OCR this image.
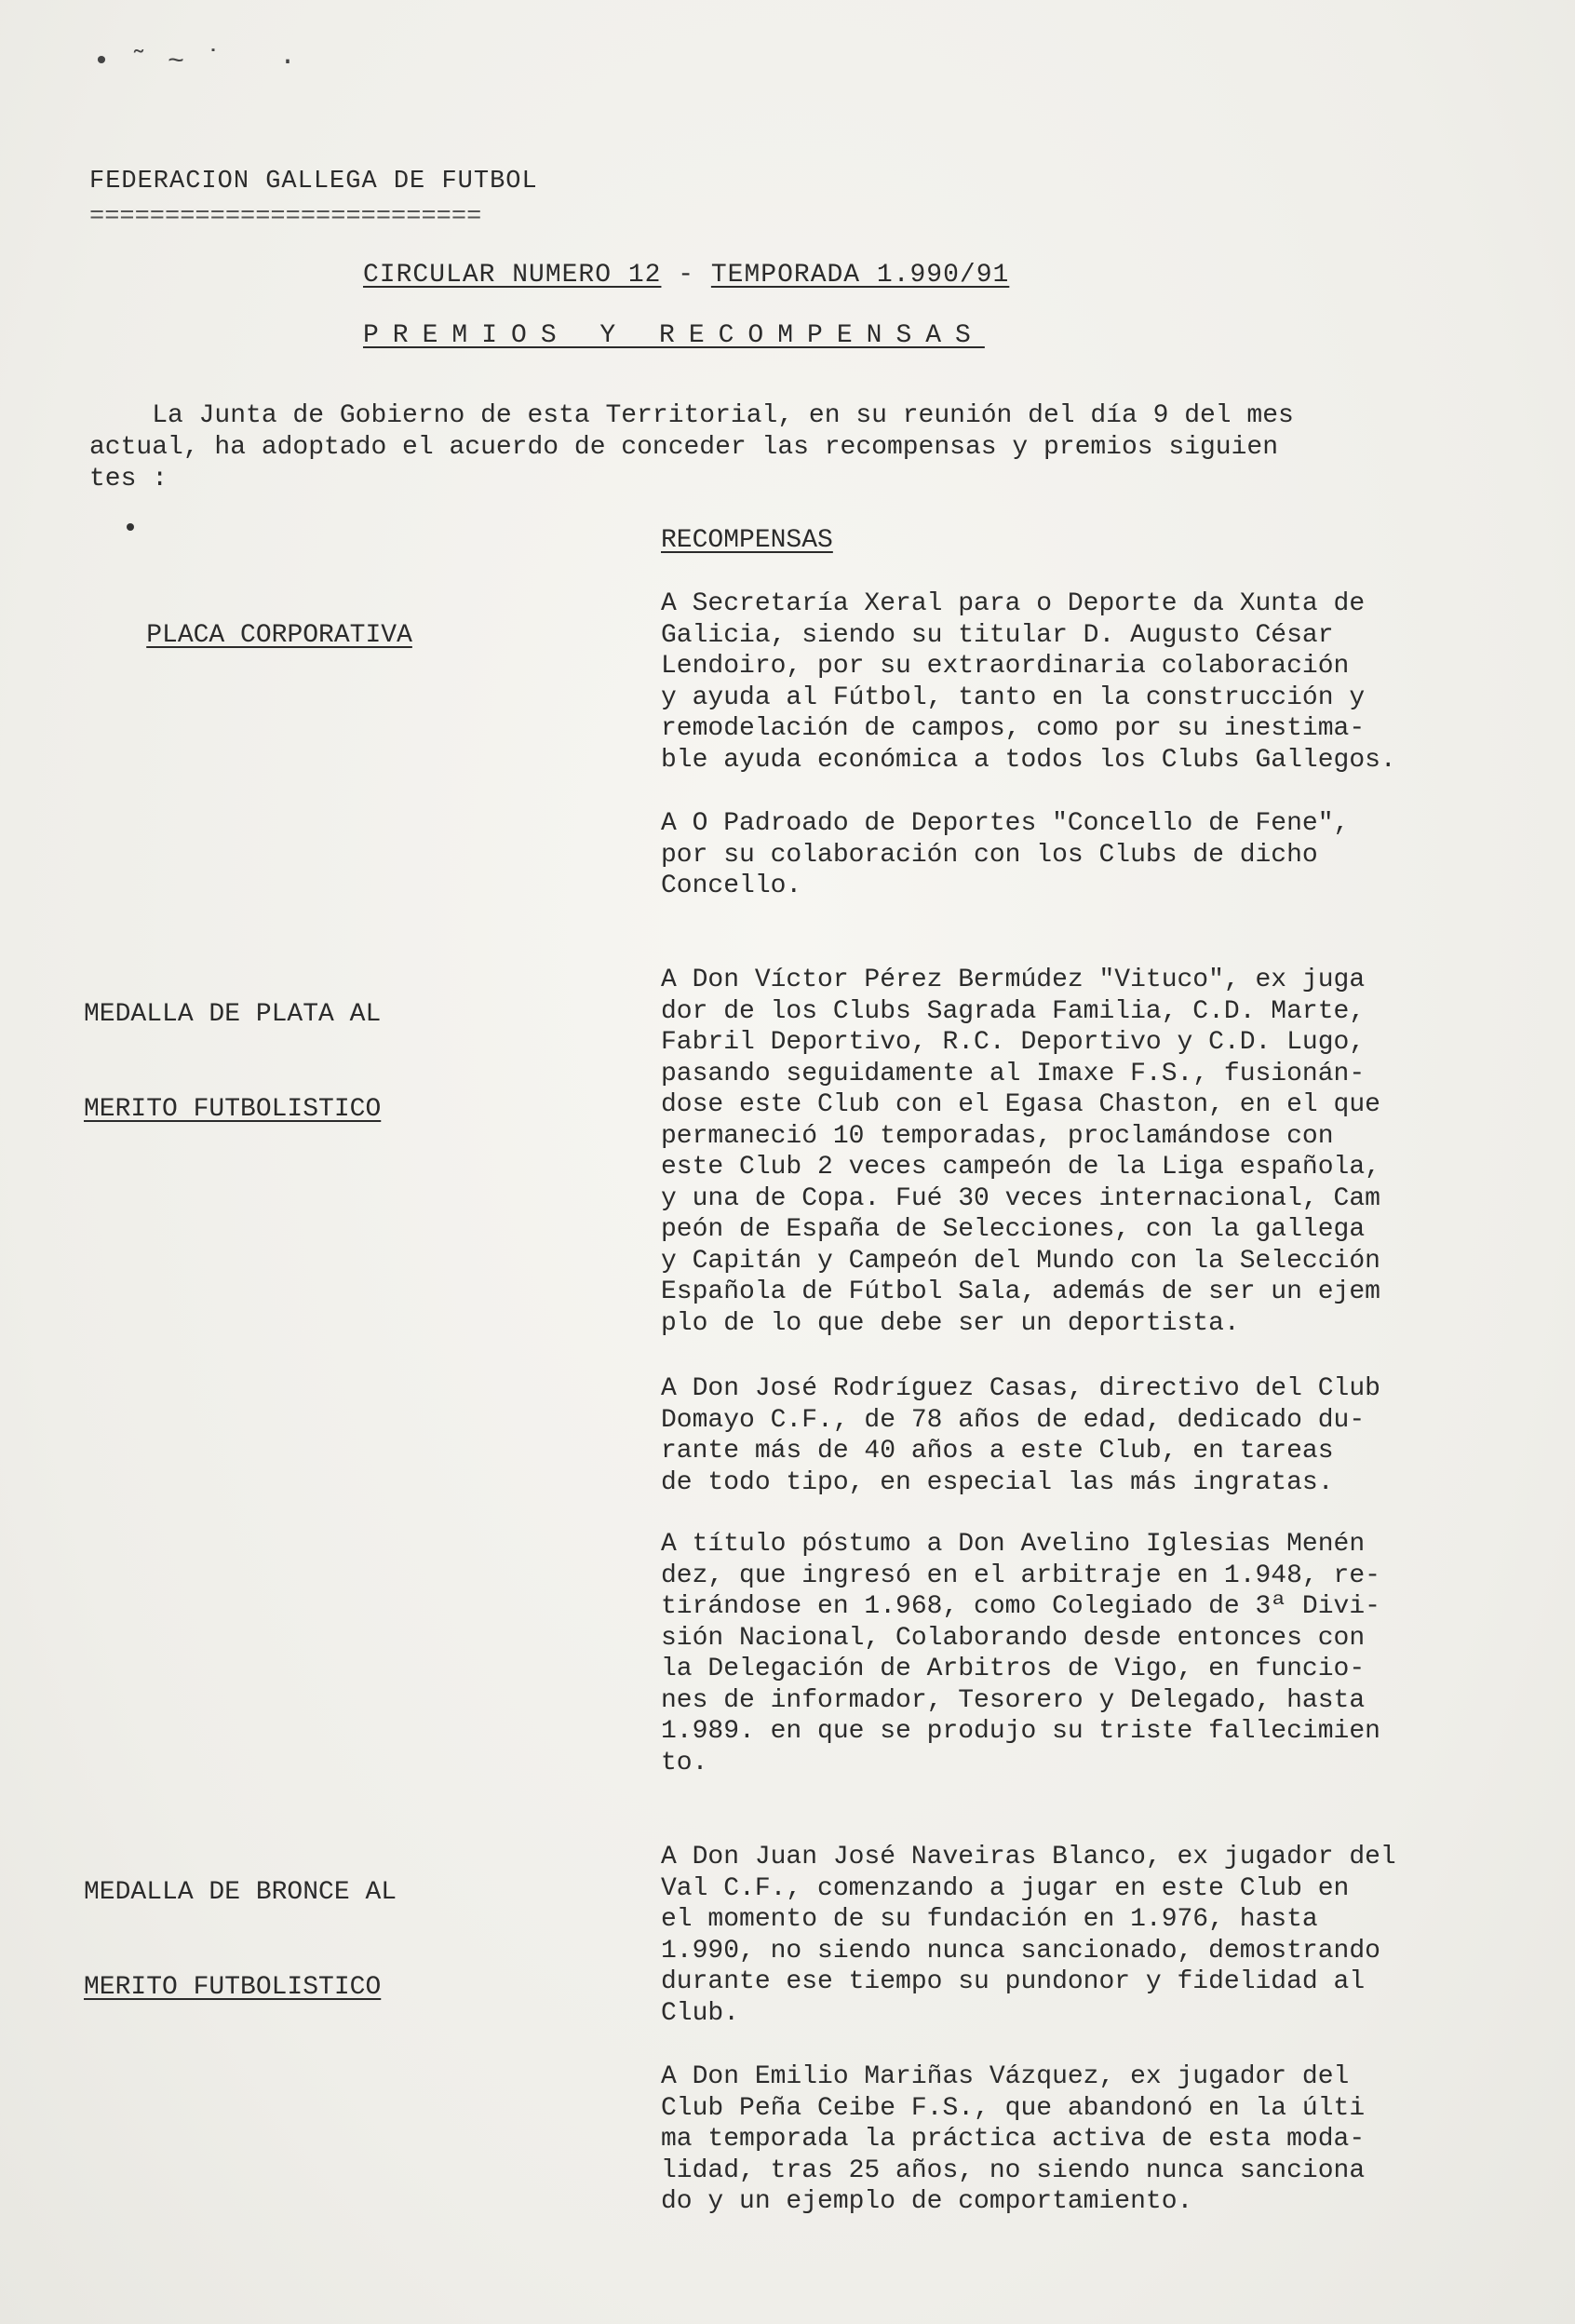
• ˜ ~ ˙   ·
FEDERACION GALLEGA DE FUTBOL
==========================
CIRCULAR NUMERO 12 - TEMPORADA 1.990/91
PREMIOS Y RECOMPENSAS
La Junta de Gobierno de esta Territorial, en su reunión del día 9 del mes
actual, ha adoptado el acuerdo de conceder las recompensas y premios siguien
tes :
RECOMPENSAS

PLACA CORPORATIVA

A Secretaría Xeral para o Deporte da Xunta de
Galicia, siendo su titular D. Augusto César
Lendoiro, por su extraordinaria colaboración
y ayuda al Fútbol, tanto en la construcción y
remodelación de campos, como por su inestima-
ble ayuda económica a todos los Clubs Gallegos.
A O Padroado de Deportes "Concello de Fene",
por su colaboración con los Clubs de dicho
Concello.

MEDALLA DE PLATA AL

MERITO FUTBOLISTICO

A Don Víctor Pérez Bermúdez "Vituco", ex juga
dor de los Clubs Sagrada Familia, C.D. Marte,
Fabril Deportivo, R.C. Deportivo y C.D. Lugo,
pasando seguidamente al Imaxe F.S., fusionán-
dose este Club con el Egasa Chaston, en el que
permaneció 10 temporadas, proclamándose con
este Club 2 veces campeón de la Liga española,
y una de Copa. Fué 30 veces internacional, Cam
peón de España de Selecciones, con la gallega
y Capitán y Campeón del Mundo con la Selección
Española de Fútbol Sala, además de ser un ejem
plo de lo que debe ser un deportista.
A Don José Rodríguez Casas, directivo del Club
Domayo C.F., de 78 años de edad, dedicado du-
rante más de 40 años a este Club, en tareas
de todo tipo, en especial las más ingratas.
A título póstumo a Don Avelino Iglesias Menén
dez, que ingresó en el arbitraje en 1.948, re-
tirándose en 1.968, como Colegiado de 3ª Divi-
sión Nacional, Colaborando desde entonces con
la Delegación de Arbitros de Vigo, en funcio-
nes de informador, Tesorero y Delegado, hasta
1.989. en que se produjo su triste fallecimien
to.

MEDALLA DE BRONCE AL

MERITO FUTBOLISTICO

A Don Juan José Naveiras Blanco, ex jugador del
Val C.F., comenzando a jugar en este Club en
el momento de su fundación en 1.976, hasta
1.990, no siendo nunca sancionado, demostrando
durante ese tiempo su pundonor y fidelidad al
Club.
A Don Emilio Mariñas Vázquez, ex jugador del
Club Peña Ceibe F.S., que abandonó en la últi
ma temporada la práctica activa de esta moda-
lidad, tras 25 años, no siendo nunca sanciona
do y un ejemplo de comportamiento.
